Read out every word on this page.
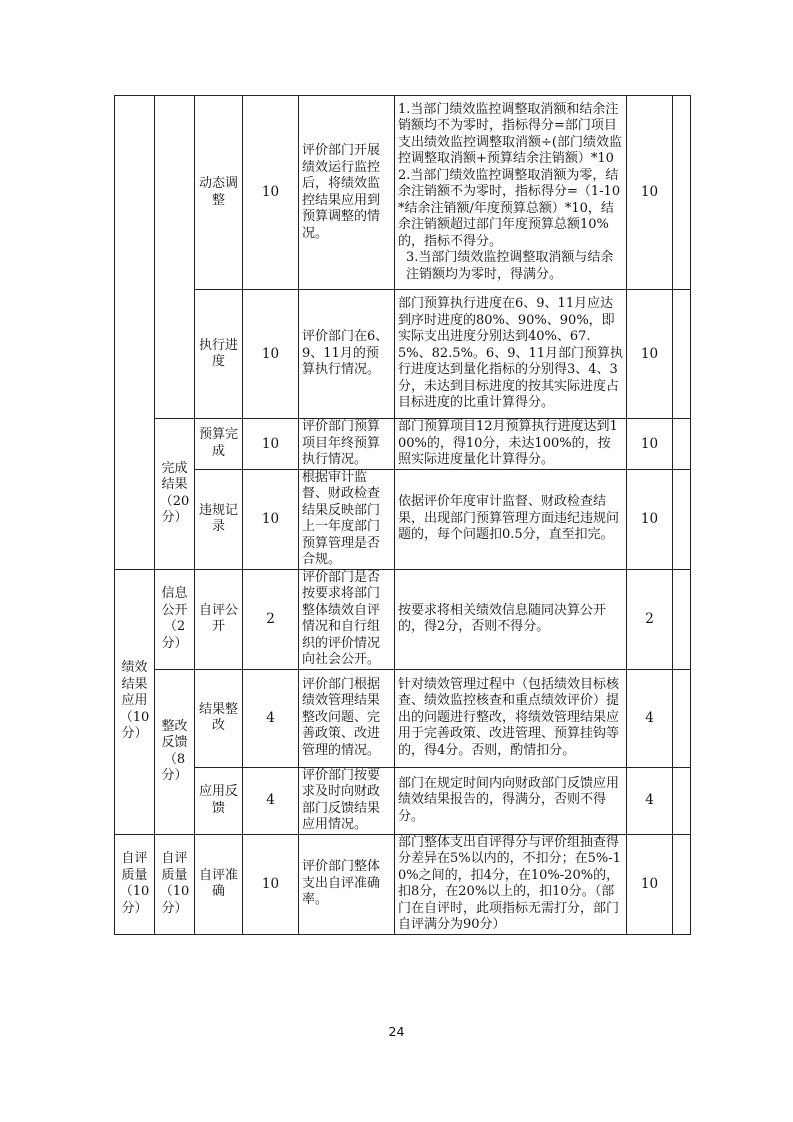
		动态调整	10	评价部门开展绩效运行监控后，将绩效监控结果应用到预算调整的情况。	1.当部门绩效监控调整取消额和结余注销额均不为零时，指标得分=部门项目支出绩效监控调整取消额÷(部门绩效监控调整取消额+预算结余注销额）*10
2.当部门绩效监控调整取消额为零，结余注销额不为零时，指标得分=（1-10*结余注销额/年度预算总额）*10，结余注销额超过部门年度预算总额10%的，指标不得分。
3.当部门绩效监控调整取消额与结余注销额均为零时，得满分。	10	
		执行进度	10	评价部门在6、9、11月的预算执行情况。	部门预算执行进度在6、9、11月应达到序时进度的80%、90%、90%，即实际支出进度分别达到40%、67.5%、82.5%。6、9、11月部门预算执行进度达到量化指标的分别得3、4、3分，未达到目标进度的按其实际进度占目标进度的比重计算得分。	10	
	完成结果（20分）	预算完成	10	评价部门预算项目年终预算执行情况。	部门预算项目12月预算执行进度达到100%的，得10分，未达100%的，按照实际进度量化计算得分。	10	
		违规记录	10	根据审计监督、财政检查结果反映部门上一年度部门预算管理是否合规。	依据评价年度审计监督、财政检查结果，出现部门预算管理方面违纪违规问题的，每个问题扣0.5分，直至扣完。	10	
绩效结果应用（10分）	信息公开（2分）	自评公开	2	评价部门是否按要求将部门整体绩效自评情况和自行组织的评价情况向社会公开。	按要求将相关绩效信息随同决算公开的，得2分，否则不得分。	2	
	整改反馈（8分）	结果整改	4	评价部门根据绩效管理结果整改问题、完善政策、改进管理的情况。	针对绩效管理过程中（包括绩效目标核查、绩效监控核查和重点绩效评价）提出的问题进行整改，将绩效管理结果应用于完善政策、改进管理、预算挂钩等的，得4分。否则，酌情扣分。	4	
		应用反馈	4	评价部门按要求及时向财政部门反馈结果应用情况。	部门在规定时间内向财政部门反馈应用绩效结果报告的，得满分，否则不得分。	4	
自评质量（10分）	自评质量（10分）	自评准确	10	评价部门整体支出自评准确率。	部门整体支出自评得分与评价组抽查得分差异在5%以内的，不扣分；在5%-10%之间的，扣4分，在10%-20%的，扣8分，在20%以上的，扣10分。（部门在自评时，此项指标无需打分，部门自评满分为90分）	10	
24
